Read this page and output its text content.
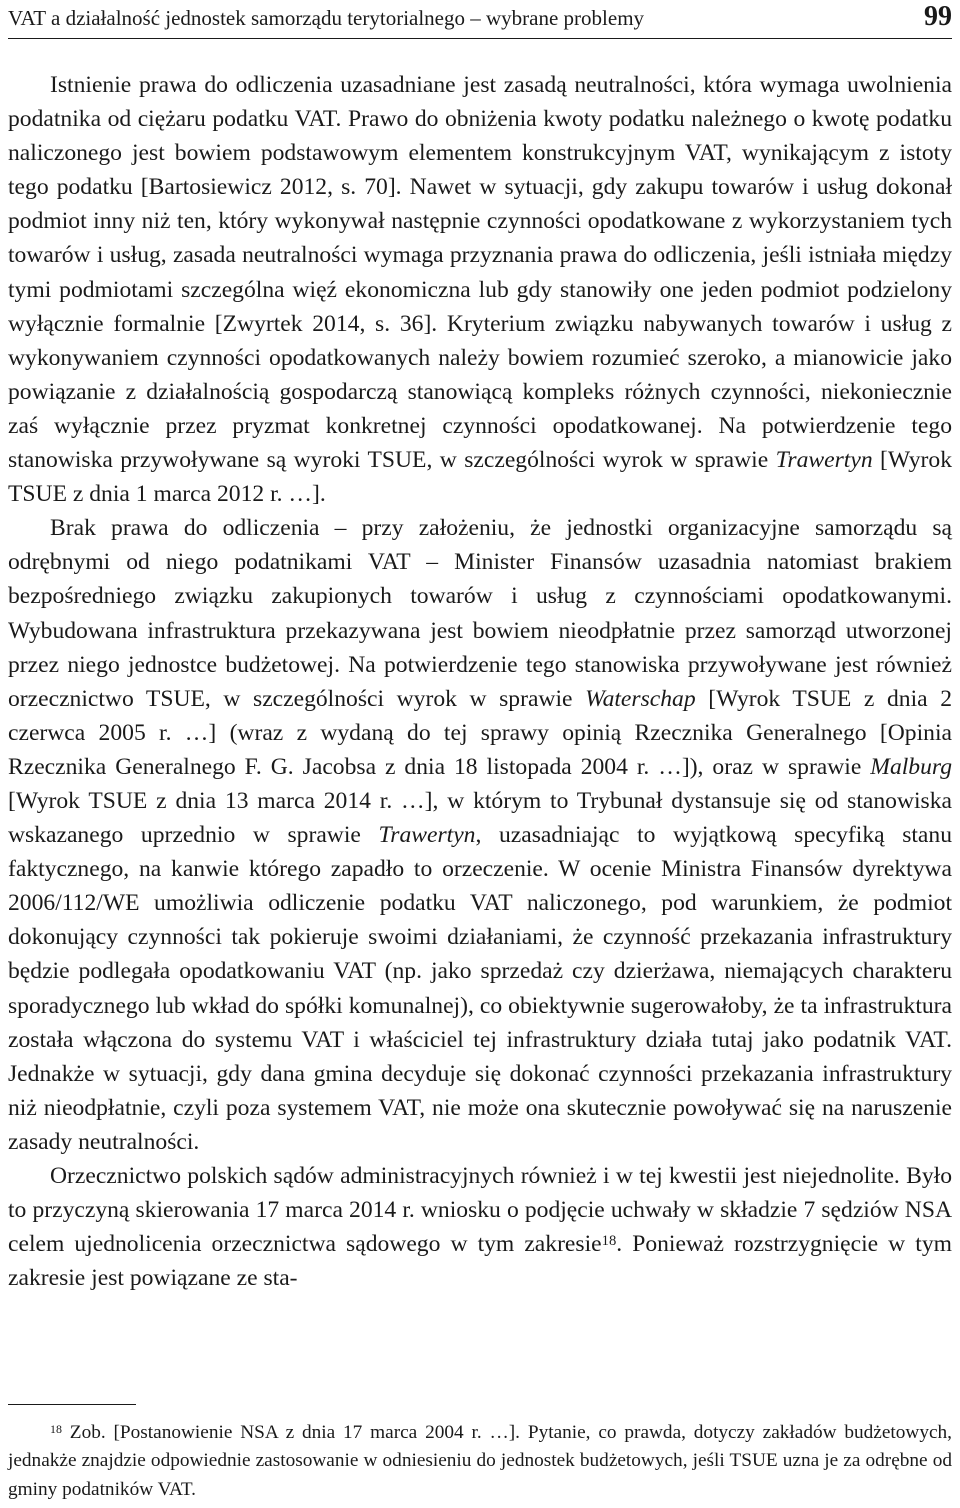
VAT a działalność jednostek samorządu terytorialnego – wybrane problemy	99

Istnienie prawa do odliczenia uzasadniane jest zasadą neutralności, która wymaga uwolnienia podatnika od ciężaru podatku VAT. Prawo do obniżenia kwoty podatku należnego o kwotę podatku naliczonego jest bowiem podstawowym elementem konstrukcyjnym VAT, wynikającym z istoty tego podatku [Bartosiewicz 2012, s. 70]. Nawet w sytuacji, gdy zakupu towarów i usług dokonał podmiot inny niż ten, który wykonywał następnie czynności opodatkowane z wykorzystaniem tych towarów i usług, zasada neutralności wymaga przyznania prawa do odliczenia, jeśli istniała między tymi podmiotami szczególna więź ekonomiczna lub gdy stanowiły one jeden podmiot podzielony wyłącznie formalnie [Zwyrtek 2014, s. 36]. Kryterium związku nabywanych towarów i usług z wykonywaniem czynności opodatkowanych należy bowiem rozumieć szeroko, a mianowicie jako powiązanie z działalnością gospodarczą stanowiącą kompleks różnych czynności, niekoniecznie zaś wyłącznie przez pryzmat konkretnej czynności opodatkowanej. Na potwierdzenie tego stanowiska przywoływane są wyroki TSUE, w szczególności wyrok w sprawie Trawertyn [Wyrok TSUE z dnia 1 marca 2012 r. …].

Brak prawa do odliczenia – przy założeniu, że jednostki organizacyjne samorządu są odrębnymi od niego podatnikami VAT – Minister Finansów uzasadnia natomiast brakiem bezpośredniego związku zakupionych towarów i usług z czynnościami opodatkowanymi. Wybudowana infrastruktura przekazywana jest bowiem nieodpłatnie przez samorząd utworzonej przez niego jednostce budżetowej. Na potwierdzenie tego stanowiska przywoływane jest również orzecznictwo TSUE, w szczególności wyrok w sprawie Waterschap [Wyrok TSUE z dnia 2 czerwca 2005 r. …] (wraz z wydaną do tej sprawy opinią Rzecznika Generalnego [Opinia Rzecznika Generalnego F. G. Jacobsa z dnia 18 listopada 2004 r. …]), oraz w sprawie Malburg [Wyrok TSUE z dnia 13 marca 2014 r. …], w którym to Trybunał dystansuje się od stanowiska wskazanego uprzednio w sprawie Trawertyn, uzasadniając to wyjątkową specyfiką stanu faktycznego, na kanwie którego zapadło to orzeczenie. W ocenie Ministra Finansów dyrektywa 2006/112/WE umożliwia odliczenie podatku VAT naliczonego, pod warunkiem, że podmiot dokonujący czynności tak pokieruje swoimi działaniami, że czynność przekazania infrastruktury będzie podlegała opodatkowaniu VAT (np. jako sprzedaż czy dzierżawa, niemających charakteru sporadycznego lub wkład do spółki komunalnej), co obiektywnie sugerowałoby, że ta infrastruktura została włączona do systemu VAT i właściciel tej infrastruktury działa tutaj jako podatnik VAT. Jednakże w sytuacji, gdy dana gmina decyduje się dokonać czynności przekazania infrastruktury niż nieodpłatnie, czyli poza systemem VAT, nie może ona skutecznie powoływać się na naruszenie zasady neutralności.

Orzecznictwo polskich sądów administracyjnych również i w tej kwestii jest niejednolite. Było to przyczyną skierowania 17 marca 2014 r. wniosku o podjęcie uchwały w składzie 7 sędziów NSA celem ujednolicenia orzecznictwa sądowego w tym zakresie$^{18}$. Ponieważ rozstrzygnięcie w tym zakresie jest powiązane ze sta-

$^{18}$ Zob. [Postanowienie NSA z dnia 17 marca 2004 r. …]. Pytanie, co prawda, dotyczy zakładów budżetowych, jednakże znajdzie odpowiednie zastosowanie w odniesieniu do jednostek budżetowych, jeśli TSUE uzna je za odrębne od gminy podatników VAT.
